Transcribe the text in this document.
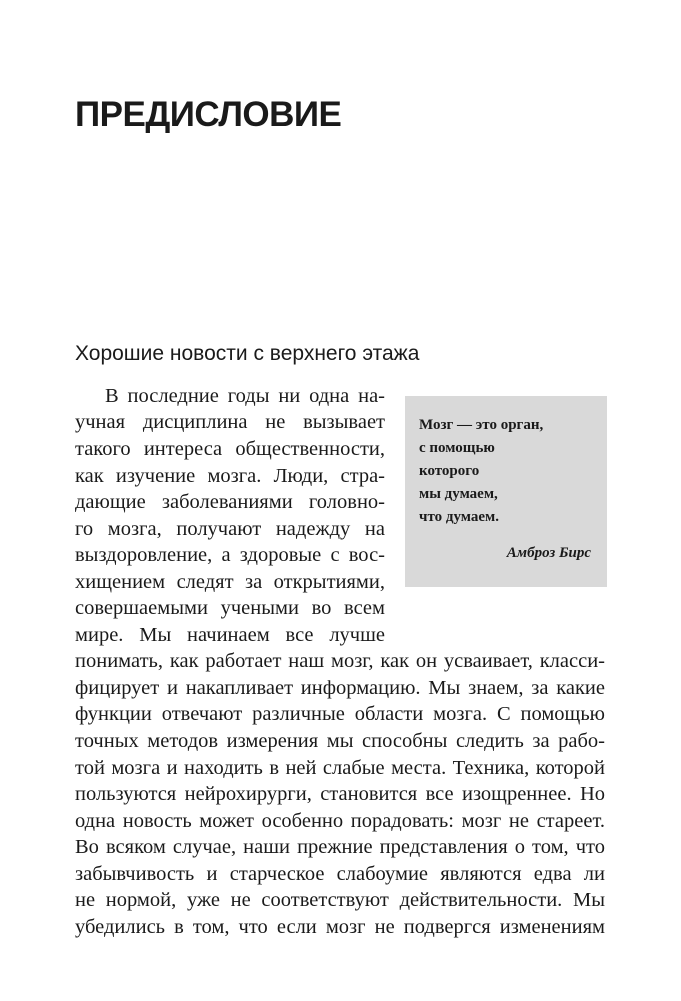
ПРЕДИСЛОВИЕ
Хорошие новости с верхнего этажа
Мозг — это орган,
с помощью
которого
мы думаем,
что думаем.
Амброз Бирс
В последние годы ни одна на-
учная дисциплина не вызывает
такого интереса общественности,
как изучение мозга. Люди, стра-
дающие заболеваниями головно-
го мозга, получают надежду на
выздоровление, а здоровые с вос-
хищением следят за открытиями,
совершаемыми учеными во всем
мире. Мы начинаем все лучше
понимать, как работает наш мозг, как он усваивает, класси-
фицирует и накапливает информацию. Мы знаем, за какие
функции отвечают различные области мозга. С помощью
точных методов измерения мы способны следить за рабо-
той мозга и находить в ней слабые места. Техника, которой
пользуются нейрохирурги, становится все изощреннее. Но
одна новость может особенно порадовать: мозг не стареет.
Во всяком случае, наши прежние представления о том, что
забывчивость и старческое слабоумие являются едва ли
не нормой, уже не соответствуют действительности. Мы
убедились в том, что если мозг не подвергся изменениям
